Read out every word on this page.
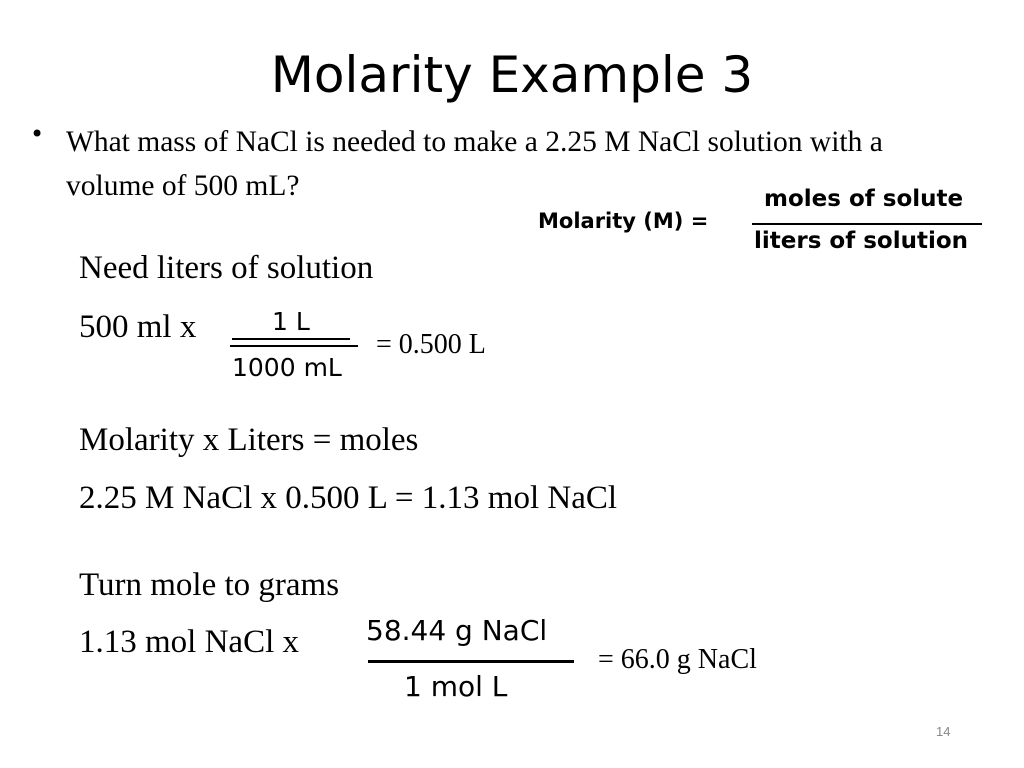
Molarity Example 3
• What mass of NaCl is needed to make a 2.25 M NaCl solution with a volume of 500 mL?
Molarity (M) =
moles of solute
liters of solution
Need liters of solution
500 ml x	1 L
1000 mL
= 0.500 L
Molarity x Liters = moles
2.25 M NaCl x 0.500 L = 1.13 mol NaCl
Turn mole to grams
1.13 mol NaCl x 58.44 g NaCl
1 mol L
= 66.0 g NaCl
14
